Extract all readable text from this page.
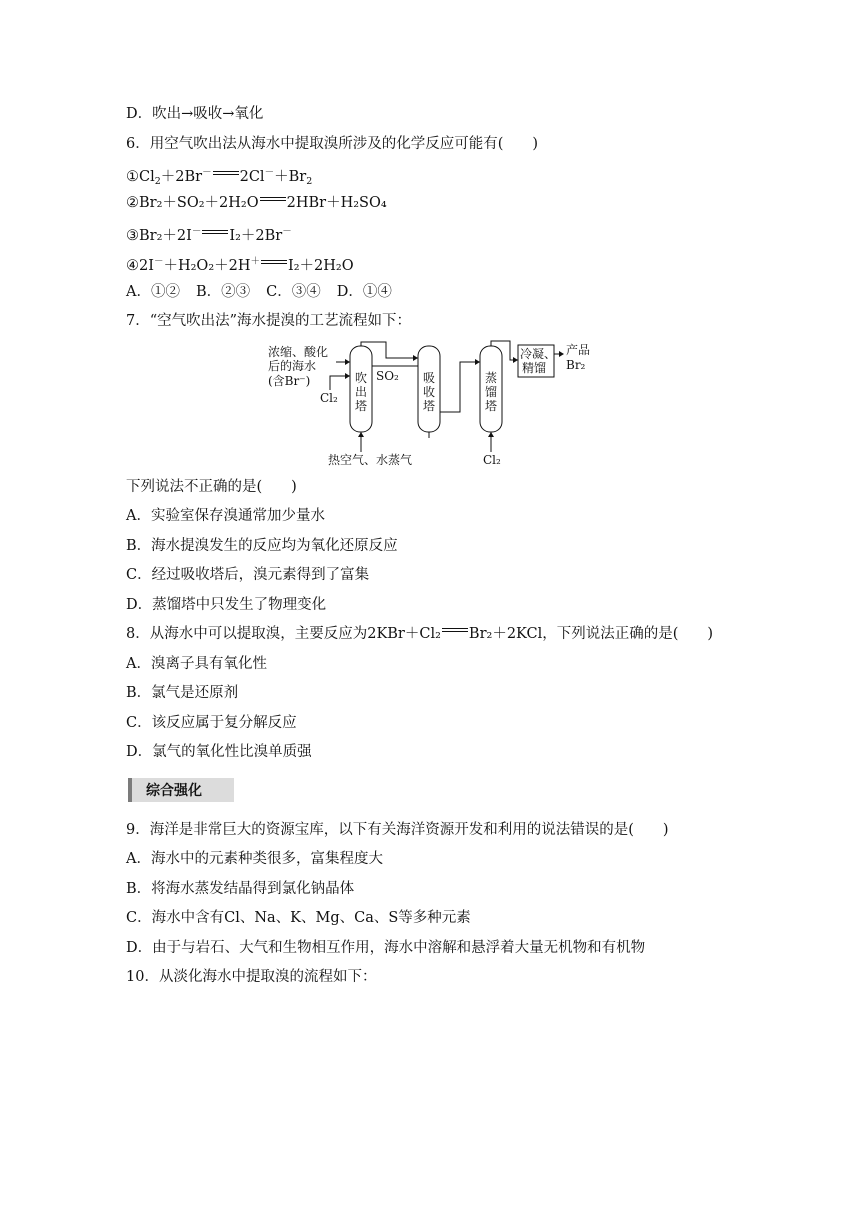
D．吹出→吸收→氧化
6．用空气吹出法从海水中提取溴所涉及的化学反应可能有(　　)
$①Cl_2+2Br^-$ $2Cl^-+Br_2$
②Br₂＋SO₂＋2H₂O 2HBr＋H₂SO₄
③Br₂＋2I－ I₂＋2Br－
④2I－＋H₂O₂＋2H＋ I₂＋2H₂O
A．①② B．②③ C．③④ D．①④
7．“空气吹出法”海水提溴的工艺流程如下：
浓缩、酸化
后的海水
(含Br⁻)
Cl₂
吹
出
塔
SO₂ 吸
收
塔
蒸
馏
塔
冷凝、
精馏
产品
Br₂
热空气、水蒸气	Cl₂
下列说法不正确的是(　　)
A．实验室保存溴通常加少量水
B．海水提溴发生的反应均为氧化还原反应
C．经过吸收塔后，溴元素得到了富集
D．蒸馏塔中只发生了物理变化
8．从海水中可以提取溴，主要反应为2KBr＋Cl₂ Br₂＋2KCl，下列说法正确的是(　　)
A．溴离子具有氧化性
B．氯气是还原剂
C．该反应属于复分解反应
D．氯气的氧化性比溴单质强
综合强化
9．海洋是非常巨大的资源宝库，以下有关海洋资源开发和利用的说法错误的是(　　)
A．海水中的元素种类很多，富集程度大
B．将海水蒸发结晶得到氯化钠晶体
C．海水中含有Cl、Na、K、Mg、Ca、S等多种元素
D．由于与岩石、大气和生物相互作用，海水中溶解和悬浮着大量无机物和有机物
10．从淡化海水中提取溴的流程如下：
